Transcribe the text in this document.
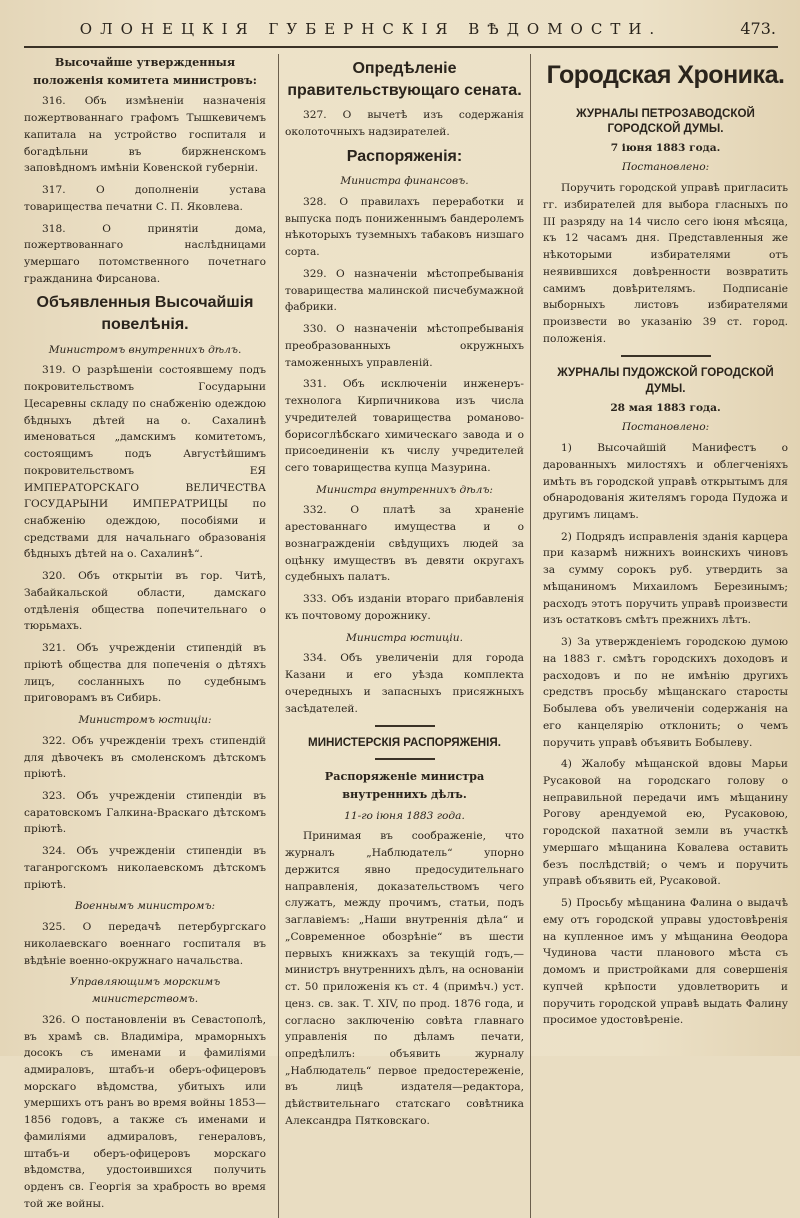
ОЛОНЕЦКІЯ ГУБЕРНСКІЯ ВѢДОМОСТИ.	473.

Высочайше утвержденныя положенія комитета министровъ:

316. Объ измѣненіи назначенія пожертвованнаго графомъ Тышкевичемъ капитала на устройство госпиталя и богадѣльни въ биржненскомъ заповѣдномъ имѣніи Ковенской губерніи.

317. О дополненіи устава товарищества печатни С. П. Яковлева.

318. О принятіи дома, пожертвованнаго наслѣдницами умершаго потомственного почетнаго гражданина Фирсанова.

Объявленныя Высочайшія повелѣнія.

Министромъ внутреннихъ дѣлъ.

319. О разрѣшеніи состоявшему подъ покровительствомъ Государыни Цесаревны складу по снабженію одеждою бѣдныхъ дѣтей на о. Сахалинѣ именоваться „дамскимъ комитетомъ, состоящимъ подъ Августѣйшимъ покровительствомъ ЕЯ ИМПЕРАТОРСКАГО ВЕЛИЧЕСТВА ГОСУДАРЫНИ ИМПЕРАТРИЦЫ по снабженію одеждою, пособіями и средствами для начальнаго образованія бѣдныхъ дѣтей на о. Сахалинѣ“.

320. Объ открытіи въ гор. Читѣ, Забайкальской области, дамскаго отдѣленія общества попечительнаго о тюрьмахъ.

321. Объ учрежденіи стипендій въ пріютѣ общества для попеченія о дѣтяхъ лицъ, сосланныхъ по судебнымъ приговорамъ въ Сибирь.

Министромъ юстиціи:

322. Объ учрежденіи трехъ стипендій для дѣвочекъ въ смоленскомъ дѣтскомъ пріютѣ.

323. Объ учрежденіи стипендіи въ саратовскомъ Галкина-Враскаго дѣтскомъ пріютѣ.

324. Объ учрежденіи стипендіи въ таганрогскомъ николаевскомъ дѣтскомъ пріютѣ.

Военнымъ министромъ:

325. О передачѣ петербургскаго николаевскаго военнаго госпиталя въ вѣдѣніе военно-окружнаго начальства.

Управляющимъ морскимъ министерствомъ.

326. О постановленіи въ Севастополѣ, въ храмѣ св. Владиміра, мраморныхъ досокъ съ именами и фамиліями адмираловъ, штабъ-и оберъ-офицеровъ морскаго вѣдомства, убитыхъ или умершихъ отъ ранъ во время войны 1853—1856 годовъ, а также съ именами и фамиліями адмираловъ, генераловъ, штабъ-и оберъ-офицеровъ морскаго вѣдомства, удостоившихся получить орденъ св. Георгія за храбрость во время той же войны.

Опредѣленіе правительствующаго сената.

327. О вычетѣ изъ содержанія околоточныхъ надзирателей.

Распоряженія:

Министра финансовъ.

328. О правилахъ переработки и выпуска подъ пониженнымъ бандеролемъ нѣкоторыхъ туземныхъ табаковъ низшаго сорта.

329. О назначеніи мѣстопребыванія товарищества малинской писчебумажной фабрики.

330. О назначеніи мѣстопребыванія преобразованныхъ окружныхъ таможенныхъ управленій.

331. Объ исключеніи инженеръ-технолога Кирпичникова изъ числа учредителей товарищества романово-борисоглѣбскаго химическаго завода и о присоединеніи къ числу учредителей сего товарищества купца Мазурина.

Министра внутреннихъ дѣлъ:

332. О платѣ за храненіе арестованнаго имущества и о вознагражденіи свѣдущихъ людей за оцѣнку имуществъ въ девяти округахъ судебныхъ палатъ.

333. Объ изданіи втораго прибавленія къ почтовому дорожнику.

Министра юстиціи.

334. Объ увеличеніи для города Казани и его уѣзда комплекта очередныхъ и запасныхъ присяжныхъ засѣдателей.

МИНИСТЕРСКІЯ РАСПОРЯЖЕНІЯ.

Распоряженіе министра внутреннихъ дѣлъ.

11-го іюня 1883 года.

Принимая въ соображеніе, что журналъ „Наблюдатель“ упорно держится явно предосудительнаго направленія, доказательствомъ чего служатъ, между прочимъ, статьи, подъ заглавіемъ: „Наши внутреннія дѣла“ и „Современное обозрѣніе“ въ шести первыхъ книжкахъ за текущій годъ,—министръ внутреннихъ дѣлъ, на основаніи ст. 50 приложенія къ ст. 4 (примѣч.) уст. ценз. св. зак. Т. XIV, по прод. 1876 года, и согласно заключенію совѣта главнаго управленія по дѣламъ печати, опредѣлилъ: объявить журналу „Наблюдатель“ первое предостереженіе, въ лицѣ издателя—редактора, дѣйствительнаго статскаго совѣтника Александра Пятковскаго.

Городская Хроника.
ЖУРНАЛЫ ПЕТРОЗАВОДСКОЙ ГОРОДСКОЙ ДУМЫ.

7 іюня 1883 года.

Постановлено:

Поручить городской управѣ пригласить гг. избирателей для выбора гласныхъ по III разряду на 14 число сего іюня мѣсяца, къ 12 часамъ дня. Представленныя же нѣкоторыми избирателями отъ неявившихся довѣренности возвратить самимъ довѣрителямъ. Подписаніе выборныхъ листовъ избирателями произвести во указанію 39 ст. город. положенія.

ЖУРНАЛЫ ПУДОЖСКОЙ ГОРОДСКОЙ ДУМЫ.

28 мая 1883 года.

Постановлено:

1) Высочайшій Манифестъ о дарованныхъ милостяхъ и облегченіяхъ имѣть въ городской управѣ открытымъ для обнародованія жителямъ города Пудожа и другимъ лицамъ.

2) Подрядъ исправленія зданія карцера при казармѣ нижнихъ воинскихъ чиновъ за сумму сорокъ руб. утвердить за мѣщаниномъ Михаиломъ Березинымъ; расходъ этотъ поручить управѣ произвести изъ остатковъ смѣтъ прежнихъ лѣтъ.

3) За утвержденіемъ городскою думою на 1883 г. смѣтъ городскихъ доходовъ и расходовъ и по не имѣнію другихъ средствъ просьбу мѣщанскаго старосты Бобылева объ увеличеніи содержанія на его канцелярію отклонить; о чемъ поручить управѣ объявить Бобылеву.

4) Жалобу мѣщанской вдовы Марьи Русаковой на городскаго голову о неправильной передачи имъ мѣщанину Рогову арендуемой ею, Русаковою, городской пахатной земли въ участкѣ умершаго мѣщанина Ковалева оставить безъ послѣдствій; о чемъ и поручить управѣ объявить ей, Русаковой.

5) Просьбу мѣщанина Фалина о выдачѣ ему отъ городской управы удостовѣренія на купленное имъ у мѣщанина Өеодора Чудинова части планового мѣста съ домомъ и пристройками для совершенія купчей крѣпости удовлетворить и поручить городской управѣ выдать Фалину просимое удостовѣреніе.
